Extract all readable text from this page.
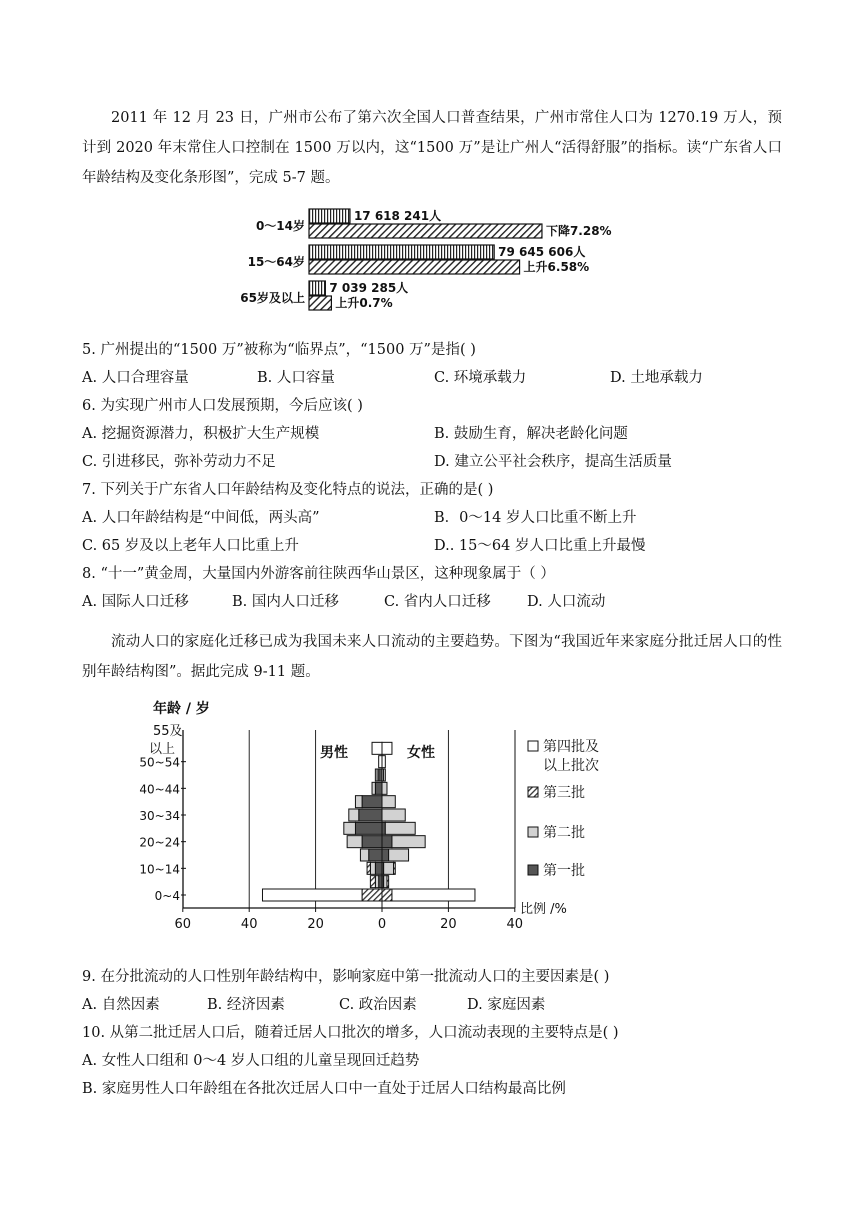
2011 年 12 月 23 日，广州市公布了第六次全国人口普查结果，广州市常住人口为 1270.19 万人，预计到 2020 年末常住人口控制在 1500 万以内，这“1500 万”是让广州人“活得舒服”的指标。读“广东省人口年龄结构及变化条形图”，完成 5-7 题。

0～14岁
17 618 241人
下降7.28%
15～64岁
79 645 606人
上升6.58%
65岁及以上
7 039 285人
上升0.7%
5. 广州提出的“1500 万”被称为“临界点”，“1500 万”是指( )
A. 人口合理容量	B. 人口容量	C. 环境承载力	D. 土地承载力
6. 为实现广州市人口发展预期，今后应该( )
A. 挖掘资源潜力，积极扩大生产规模	B. 鼓励生育，解决老龄化问题
C. 引进移民，弥补劳动力不足	D. 建立公平社会秩序，提高生活质量
7. 下列关于广东省人口年龄结构及变化特点的说法，正确的是( )
A. 人口年龄结构是“中间低，两头高”	B．0～14 岁人口比重不断上升
C. 65 岁及以上老年人口比重上升	D.. 15～64 岁人口比重上升最慢
8. “十一”黄金周，大量国内外游客前往陕西华山景区，这种现象属于（ ）
A. 国际人口迁移	B. 国内人口迁移	C. 省内人口迁移 D. 人口流动

流动人口的家庭化迁移已成为我国未来人口流动的主要趋势。下图为“我国近年来家庭分批迁居人口的性别年龄结构图”。据此完成 9-11 题。

60	40	20	0	20	40
0~4
10~14
20~24
30~34
40~44
50~54
55及
以上
年龄 / 岁
比例 /%
男性	女性	第四批及
以上批次
第三批
第二批
第一批
9. 在分批流动的人口性别年龄结构中，影响家庭中第一批流动人口的主要因素是( )
A. 自然因素	B. 经济因素	C. 政治因素	D. 家庭因素
10. 从第二批迁居人口后，随着迁居人口批次的增多，人口流动表现的主要特点是( )
A. 女性人口组和 0～4 岁人口组的儿童呈现回迁趋势
B. 家庭男性人口年龄组在各批次迁居人口中一直处于迁居人口结构最高比例
